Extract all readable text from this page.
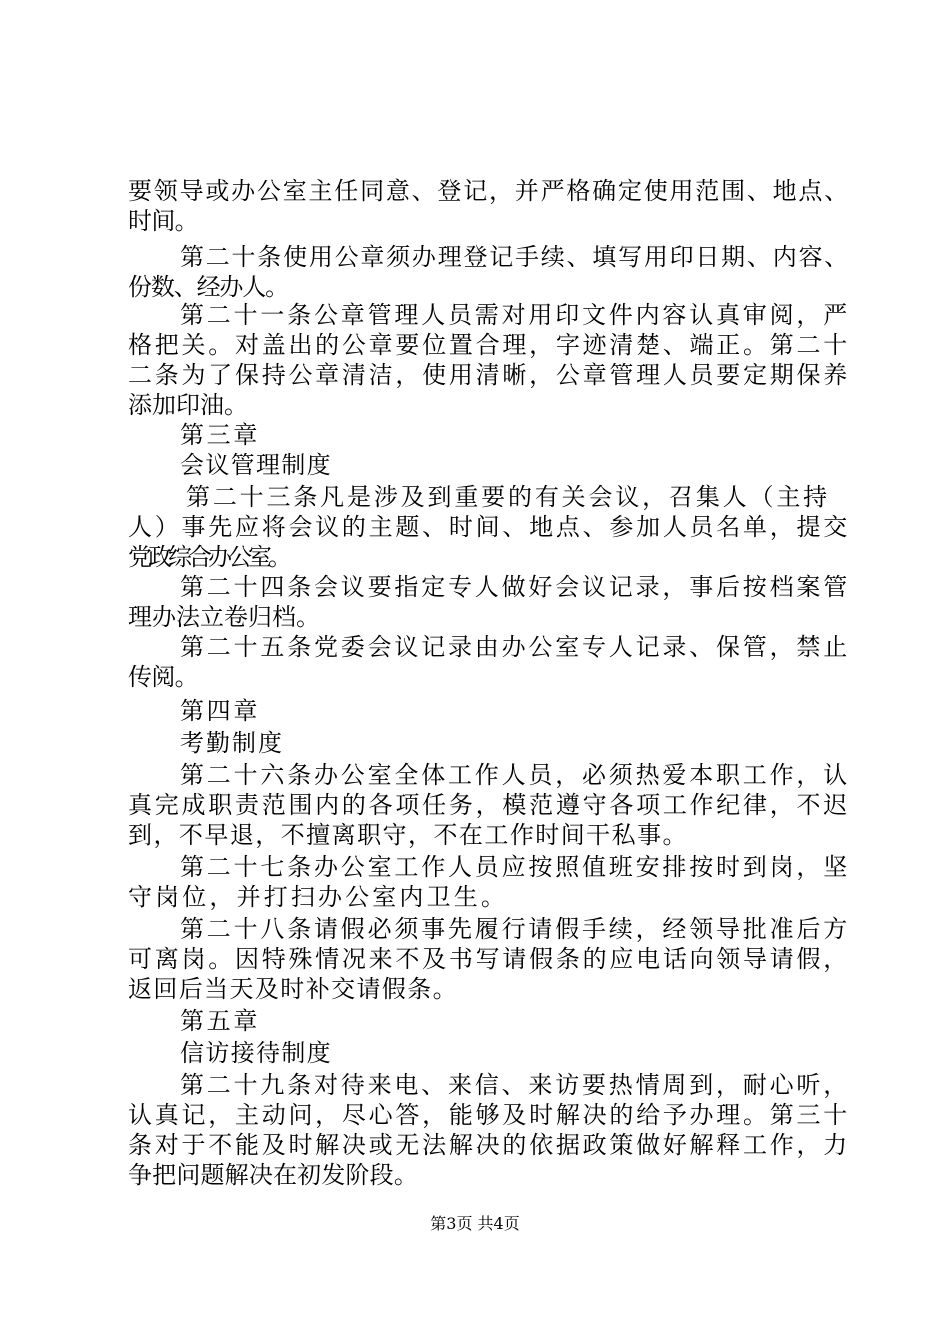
要领导或办公室主任同意、登记，并严格确定使用范围、地点、
时间。
第二十条使用公章须办理登记手续、填写用印日期、内容、
份数、经办人。
第二十一条公章管理人员需对用印文件内容认真审阅，严
格把关。对盖出的公章要位置合理，字迹清楚、端正。第二十
二条为了保持公章清洁，使用清晰，公章管理人员要定期保养
添加印油。
第三章
会议管理制度
第二十三条凡是涉及到重要的有关会议，召集人（主持
人）事先应将会议的主题、时间、地点、参加人员名单，提交
党政综合办公室。
第二十四条会议要指定专人做好会议记录，事后按档案管
理办法立卷归档。
第二十五条党委会议记录由办公室专人记录、保管，禁止
传阅。
第四章
考勤制度
第二十六条办公室全体工作人员，必须热爱本职工作，认
真完成职责范围内的各项任务，模范遵守各项工作纪律，不迟
到，不早退，不擅离职守，不在工作时间干私事。
第二十七条办公室工作人员应按照值班安排按时到岗，坚
守岗位，并打扫办公室内卫生。
第二十八条请假必须事先履行请假手续，经领导批准后方
可离岗。因特殊情况来不及书写请假条的应电话向领导请假，
返回后当天及时补交请假条。
第五章
信访接待制度
第二十九条对待来电、来信、来访要热情周到，耐心听，
认真记，主动问，尽心答，能够及时解决的给予办理。第三十
条对于不能及时解决或无法解决的依据政策做好解释工作，力
争把问题解决在初发阶段。
第3页 共4页
